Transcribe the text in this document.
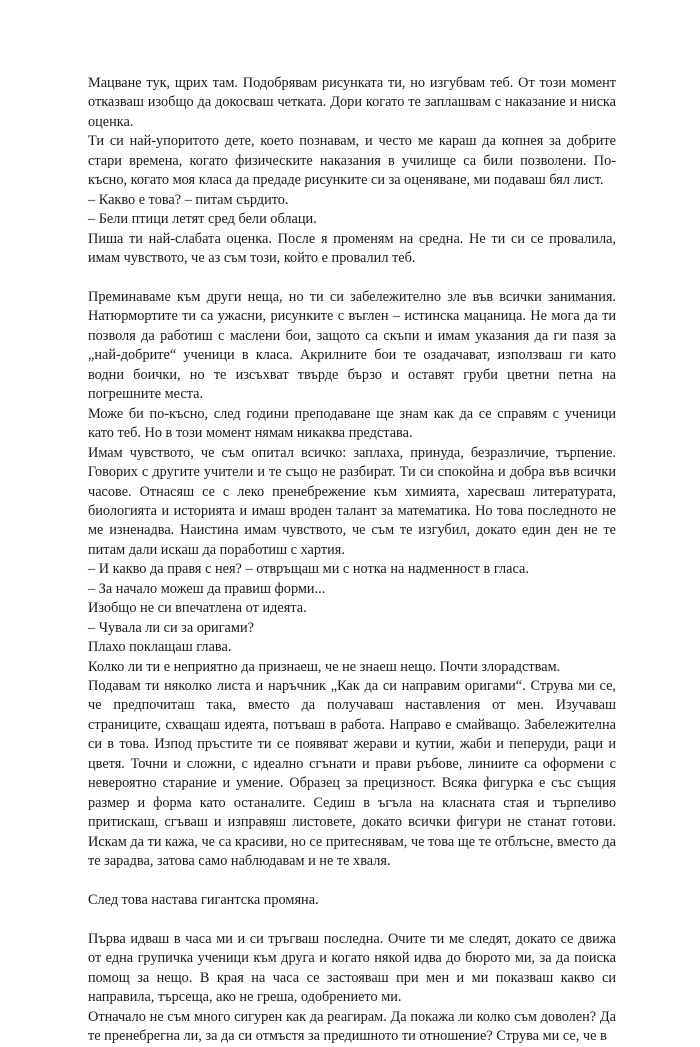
Мацване тук, щрих там. Подобрявам рисунката ти, но изгубвам теб. От този момент отказваш изобщо да докосваш четката. Дори когато те заплашвам с наказание и ниска оценка.

Ти си най-упоритото дете, което познавам, и често ме караш да копнея за добрите стари времена, когато физическите наказания в училище са били позволени. По-късно, когато моя класа да предаде рисунките си за оценяване, ми подаваш бял лист.

– Какво е това? – питам сърдито.

– Бели птици летят сред бели облаци.

Пиша ти най-слабата оценка. После я променям на средна. Не ти си се провалила, имам чувството, че аз съм този, който е провалил теб.

Преминаваме към други неща, но ти си забележително зле във всички занимания. Натюрмортите ти са ужасни, рисунките с въглен – истинска мацаница. Не мога да ти позволя да работиш с маслени бои, защото са скъпи и имам указания да ги пазя за „най-добрите“ ученици в класа. Акрилните бои те озадачават, използваш ги като водни боички, но те изсъхват твърде бързо и оставят груби цветни петна на погрешните места.

Може би по-късно, след години преподаване ще знам как да се справям с ученици като теб. Но в този момент нямам никаква представа.

Имам чувството, че съм опитал всичко: заплаха, принуда, безразличие, търпение. Говорих с другите учители и те също не разбират. Ти си спокойна и добра във всички часове. Отнасяш се с леко пренебрежение към химията, харесваш литературата, биологията и историята и имаш вроден талант за математика. Но това последното не ме изненадва. Наистина имам чувството, че съм те изгубил, докато един ден не те питам дали искаш да поработиш с хартия.

– И какво да правя с нея? – отвръщаш ми с нотка на надменност в гласа.

– За начало можеш да правиш форми...

Изобщо не си впечатлена от идеята.

– Чувала ли си за оригами?

Плахо поклащаш глава.

Колко ли ти е неприятно да признаеш, че не знаеш нещо. Почти злорадствам.

Подавам ти няколко листа и наръчник „Как да си направим оригами“. Струва ми се, че предпочиташ така, вместо да получаваш наставления от мен. Изучаваш страниците, схващаш идеята, потъваш в работа. Направо е смайващо. Забележителна си в това. Изпод пръстите ти се появяват жерави и кутии, жаби и пеперуди, раци и цветя. Точни и сложни, с идеално сгънати и прави ръбове, линиите са оформени с невероятно старание и умение. Образец за прецизност. Всяка фигурка е със същия размер и форма като останалите. Седиш в ъгъла на класната стая и търпеливо притискаш, сгъваш и изправяш листовете, докато всички фигури не станат готови. Искам да ти кажа, че са красиви, но се притеснявам, че това ще те отблъсне, вместо да те зарадва, затова само наблюдавам и не те хваля.

След това настава гигантска промяна.

Първа идваш в часа ми и си тръгваш последна. Очите ти ме следят, докато се движа от една групичка ученици към друга и когато някой идва до бюрото ми, за да поиска помощ за нещо. В края на часа се застояваш при мен и ми показваш какво си направила, търсеща, ако не греша, одобрението ми.

Отначало не съм много сигурен как да реагирам. Да покажа ли колко съм доволен? Да те пренебрегна ли, за да си отмъстя за предишното ти отношение? Струва ми се, че в
